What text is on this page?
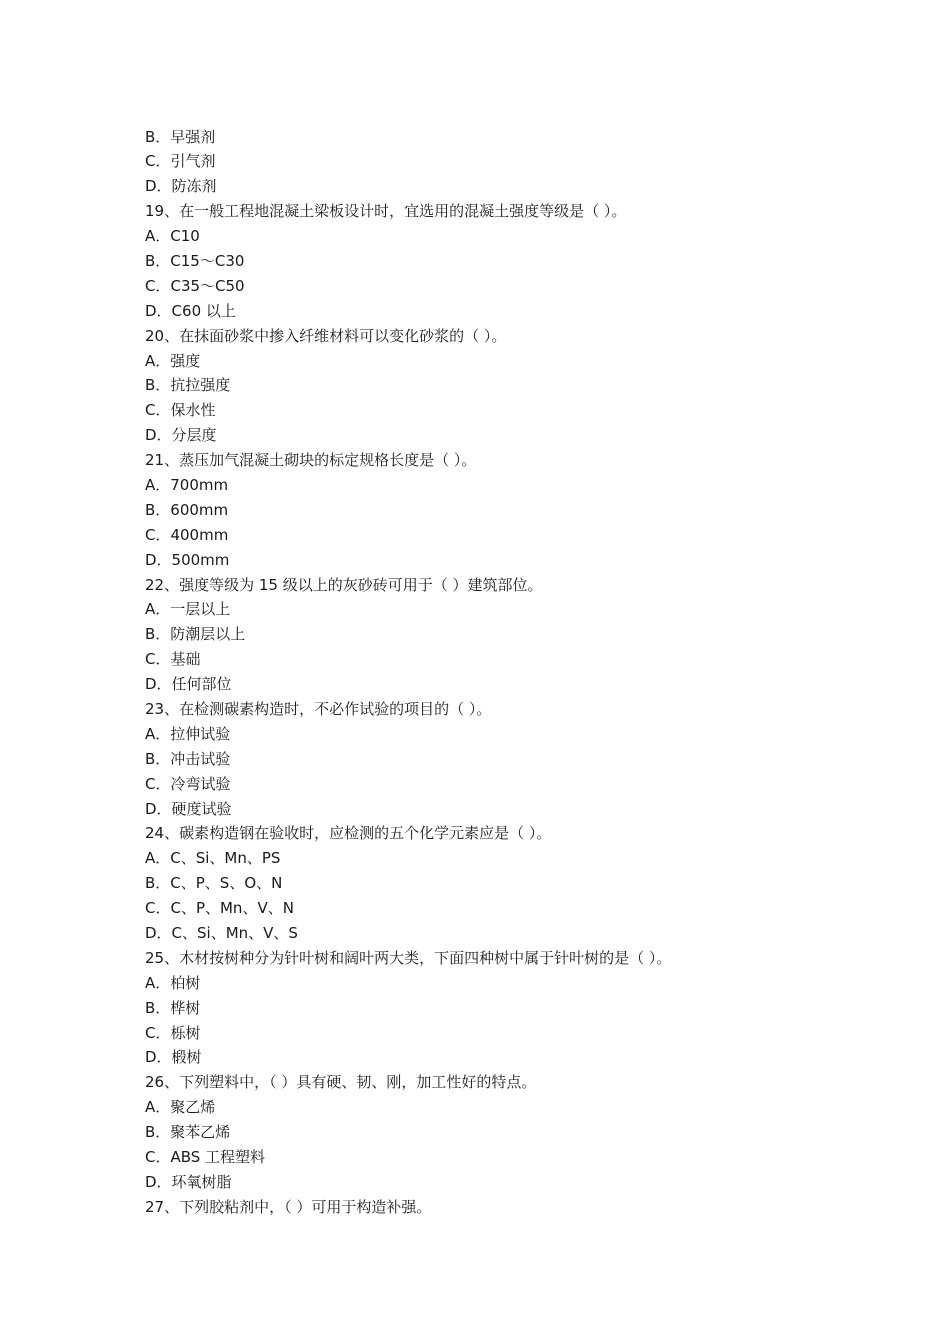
B．早强剂
C．引气剂
D．防冻剂
19、在一般工程地混凝土梁板设计时，宜选用的混凝土强度等级是（ ）。
A．C10
B．C15～C30
C．C35～C50
D．C60 以上
20、在抹面砂浆中掺入纤维材料可以变化砂浆的（ ）。
A．强度
B．抗拉强度
C．保水性
D．分层度
21、蒸压加气混凝土砌块的标定规格长度是（ ）。
A．700mm
B．600mm
C．400mm
D．500mm
22、强度等级为 15 级以上的灰砂砖可用于（ ）建筑部位。
A．一层以上
B．防潮层以上
C．基础
D．任何部位
23、在检测碳素构造时，不必作试验的项目的（ ）。
A．拉伸试验
B．冲击试验
C．冷弯试验
D．硬度试验
24、碳素构造钢在验收时，应检测的五个化学元素应是（ ）。
A．C、Si、Mn、PS
B．C、P、S、O、N
C．C、P、Mn、V、N
D．C、Si、Mn、V、S
25、木材按树种分为针叶树和阔叶两大类，下面四种树中属于针叶树的是（ ）。
A．柏树
B．桦树
C．栎树
D．椴树
26、下列塑料中，（ ）具有硬、韧、刚，加工性好的特点。
A．聚乙烯
B．聚苯乙烯
C．ABS 工程塑料
D．环氧树脂
27、下列胶粘剂中，（ ）可用于构造补强。
